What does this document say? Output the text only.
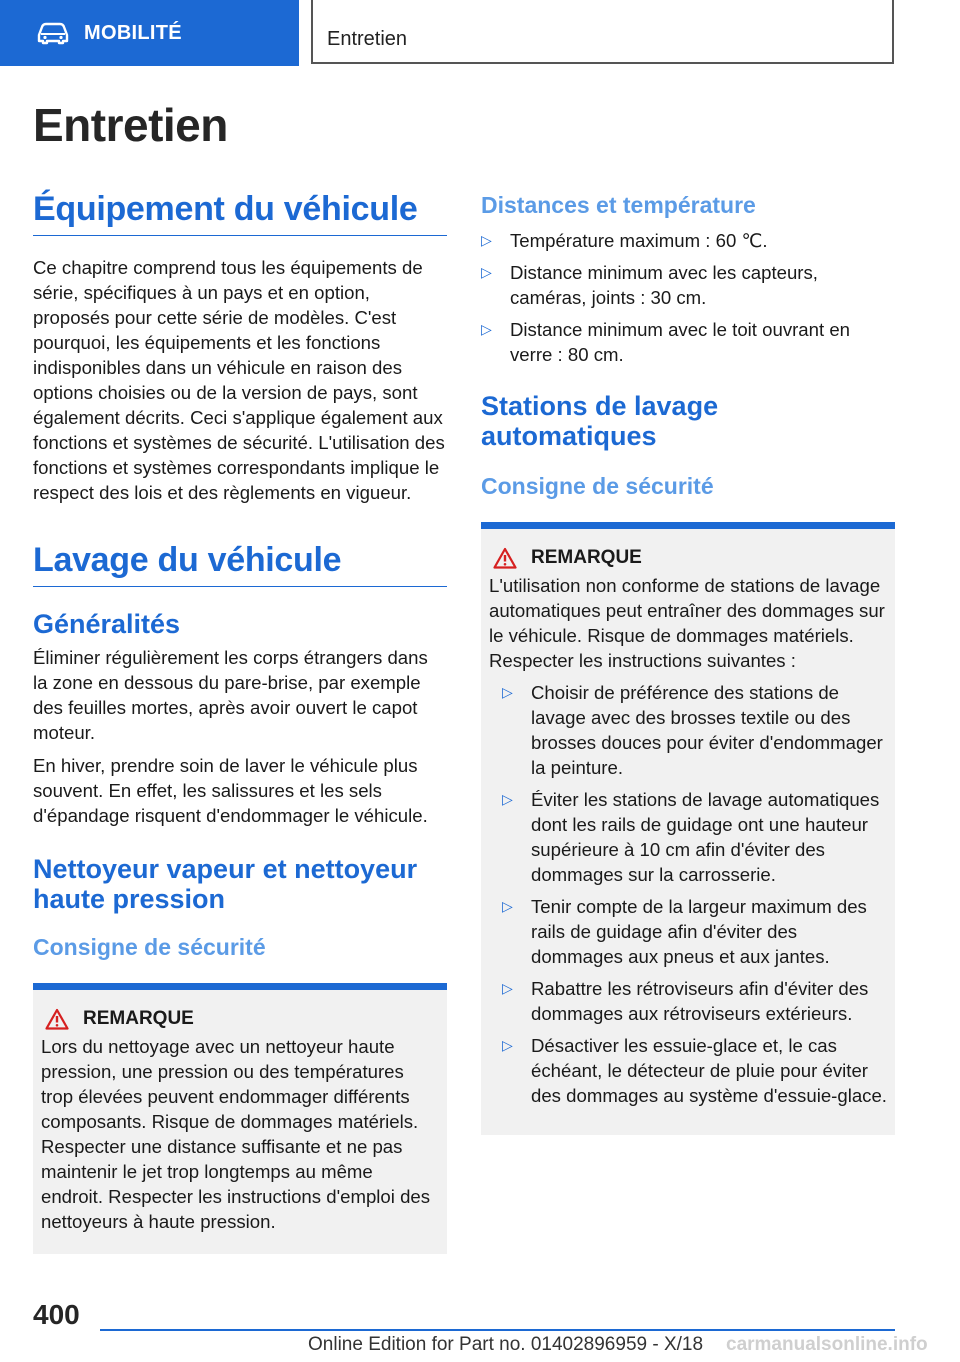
MOBILITÉ	Entretien
Entretien
Équipement du véhicule

Ce chapitre comprend tous les équipements de série, spécifiques à un pays et en option, proposés pour cette série de modèles. C'est pourquoi, les équipements et les fonctions indisponibles dans un véhicule en raison des options choisies ou de la version de pays, sont également décrits. Ceci s'applique également aux fonctions et systèmes de sécurité. L'utilisation des fonctions et systèmes correspondants implique le respect des lois et des règlements en vigueur.

Lavage du véhicule
Généralités

Éliminer régulièrement les corps étrangers dans la zone en dessous du pare-brise, par exemple des feuilles mortes, après avoir ouvert le capot moteur.

En hiver, prendre soin de laver le véhicule plus souvent. En effet, les salissures et les sels d'épandage risquent d'endommager le véhicule.

Nettoyeur vapeur et nettoyeur haute pression
Consigne de sécurité
REMARQUE

Lors du nettoyage avec un nettoyeur haute pression, une pression ou des températures trop élevées peuvent endommager différents composants. Risque de dommages matériels. Respecter une distance suffisante et ne pas maintenir le jet trop longtemps au même endroit. Respecter les instructions d'emploi des nettoyeurs à haute pression.

Distances et température
▷ Température maximum : 60 ℃.
▷ Distance minimum avec les capteurs, caméras, joints : 30 cm.
▷ Distance minimum avec le toit ouvrant en verre : 80 cm.
Stations de lavage automatiques
Consigne de sécurité
REMARQUE

L'utilisation non conforme de stations de lavage automatiques peut entraîner des dommages sur le véhicule. Risque de dommages matériels. Respecter les instructions suivantes :

▷ Choisir de préférence des stations de lavage avec des brosses textile ou des brosses douces pour éviter d'endommager la peinture.
▷ Éviter les stations de lavage automatiques dont les rails de guidage ont une hauteur supérieure à 10 cm afin d'éviter des dommages sur la carrosserie.
▷ Tenir compte de la largeur maximum des rails de guidage afin d'éviter des dommages aux pneus et aux jantes.
▷ Rabattre les rétroviseurs afin d'éviter des dommages aux rétroviseurs extérieurs.
▷ Désactiver les essuie-glace et, le cas échéant, le détecteur de pluie pour éviter des dommages au système d'essuie-glace.
400
Online Edition for Part no. 01402896959 - X/18 carmanualsonline.info
